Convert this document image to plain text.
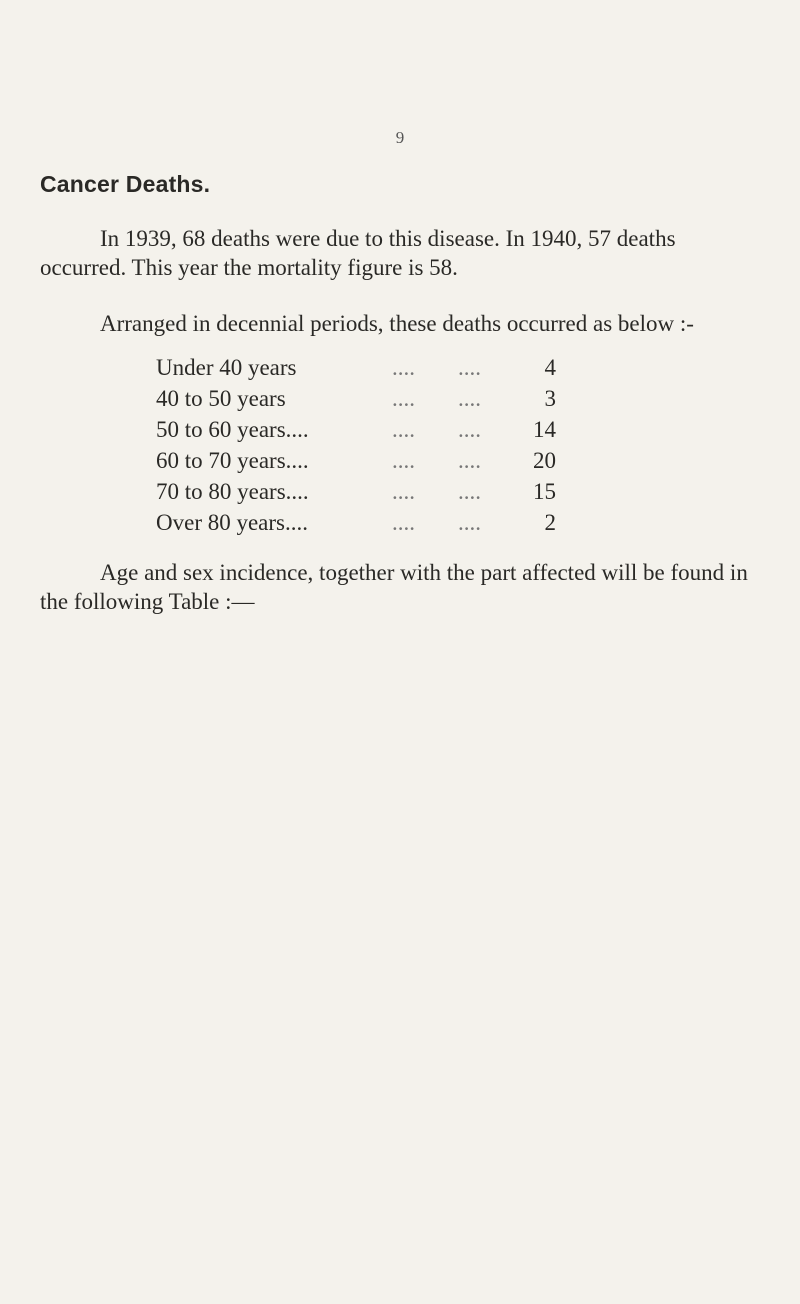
9
Cancer Deaths.

In 1939, 68 deaths were due to this disease. In 1940, 57 deaths occurred. This year the mortality figure is 58.

Arranged in decennial periods, these deaths occurred as below :-

Under 40 years	....	....	4
40 to 50 years	....	....	3
50 to 60 years....	....	....	14
60 to 70 years....	....	....	20
70 to 80 years....	....	....	15
Over 80 years....	....	....	2

Age and sex incidence, together with the part affected will be found in the following Table :—
